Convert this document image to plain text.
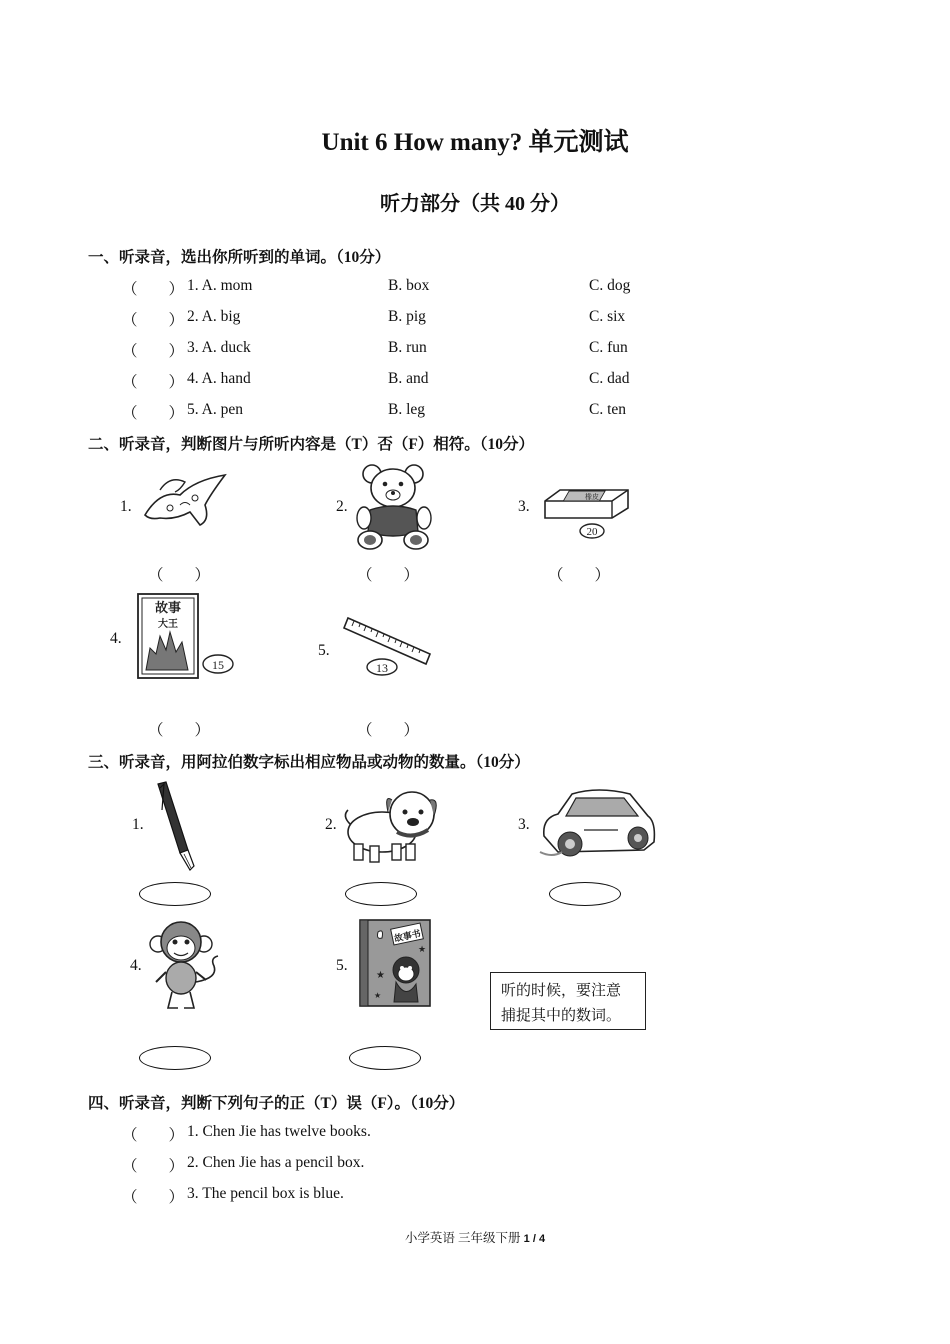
Unit 6 How many? 单元测试
听力部分（共 40 分）
一、听录音，选出你所听到的单词。（10分）
（　　） 1. A. mom	B. box	C. dog
（　　） 2. A. big	B. pig	C. six
（　　） 3. A. duck	B. run	C. fun
（　　） 4. A. hand	B. and	C. dad
（　　） 5. A. pen	B. leg	C. ten
二、听录音，判断图片与所听内容是（T）否（F）相符。（10分）
1.
（　　）
2.
（　　）
3.
橡皮
20
（　　）
4.
故事
大王
15
（　　）
5.
13
（　　）
三、听录音，用阿拉伯数字标出相应物品或动物的数量。（10分）
1.	2.	3.
4.	5.
故事书
★
★
★	听的时候，要注意
捕捉其中的数词。
四、听录音，判断下列句子的正（T）误（F）。（10分）
（　　） 1. Chen Jie has twelve books.
（　　） 2. Chen Jie has a pencil box.
（　　） 3. The pencil box is blue.
小学英语 三年级下册 1 / 4
